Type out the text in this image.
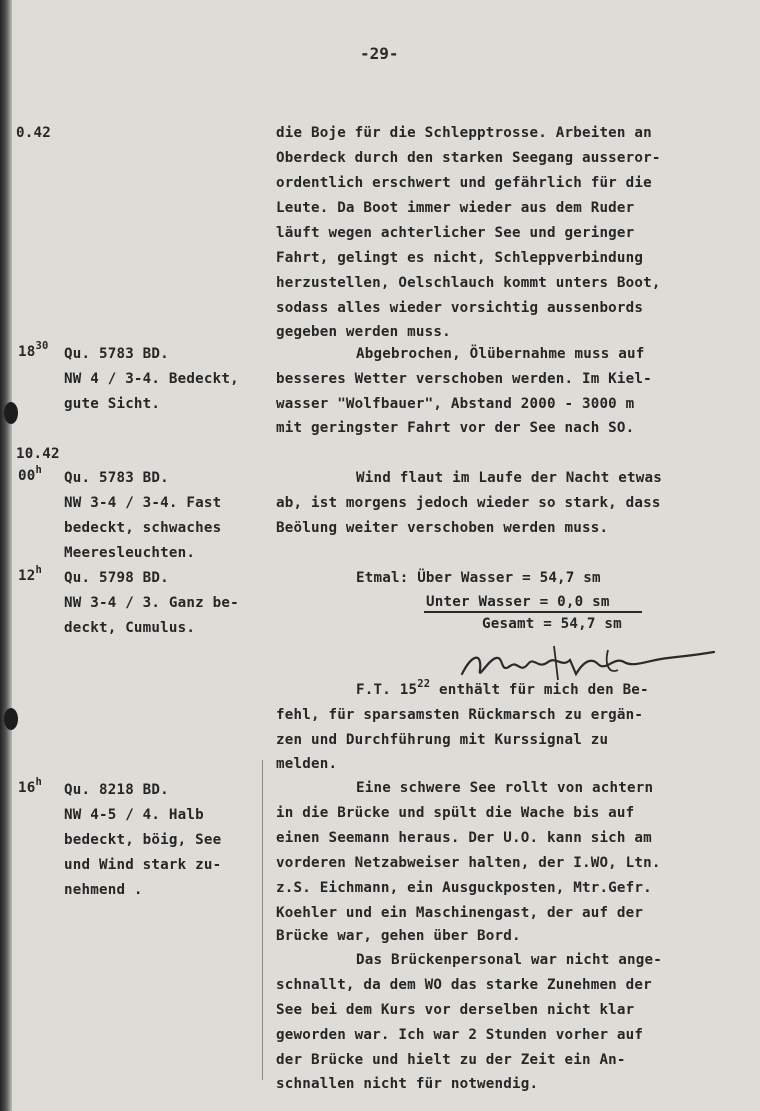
-29-
0.42
$18^{30}$ Qu. 5783 BD.
NW 4 / 3-4. Bedeckt,
gute Sicht.
10.42
00$^h$ Qu. 5783 BD.
NW 3-4 / 3-4. Fast
bedeckt, schwaches
Meeresleuchten.
12$^h$ Qu. 5798 BD.
NW 3-4 / 3. Ganz be-
deckt, Cumulus.
16$^h$ Qu. 8218 BD.
NW 4-5 / 4. Halb
bedeckt, böig, See
und Wind stark zu-
nehmend .
die Boje für die Schlepptrosse. Arbeiten an
Oberdeck durch den starken Seegang ausseror-
ordentlich erschwert und gefährlich für die
Leute. Da Boot immer wieder aus dem Ruder
läuft wegen achterlicher See und geringer
Fahrt, gelingt es nicht, Schleppverbindung
herzustellen, Oelschlauch kommt unters Boot,
sodass alles wieder vorsichtig aussenbords
gegeben werden muss.
Abgebrochen, Ölübernahme muss auf
besseres Wetter verschoben werden. Im Kiel-
wasser "Wolfbauer", Abstand 2000 - 3000 m
mit geringster Fahrt vor der See nach SO.
Wind flaut im Laufe der Nacht etwas
ab, ist morgens jedoch wieder so stark, dass
Beölung weiter verschoben werden muss.
Etmal: Über Wasser = 54,7 sm
Unter Wasser = 0,0 sm
Gesamt = 54,7 sm
F.T. $15^{22}$ enthält für mich den Be-
fehl, für sparsamsten Rückmarsch zu ergän-
zen und Durchführung mit Kurssignal zu
melden.
Eine schwere See rollt von achtern
in die Brücke und spült die Wache bis auf
einen Seemann heraus. Der U.O. kann sich am
vorderen Netzabweiser halten, der I.WO, Ltn.
z.S. Eichmann, ein Ausguckposten, Mtr.Gefr.
Koehler und ein Maschinengast, der auf der
Brücke war, gehen über Bord.
Das Brückenpersonal war nicht ange-
schnallt, da dem WO das starke Zunehmen der
See bei dem Kurs vor derselben nicht klar
geworden war. Ich war 2 Stunden vorher auf
der Brücke und hielt zu der Zeit ein An-
schnallen nicht für notwendig.
